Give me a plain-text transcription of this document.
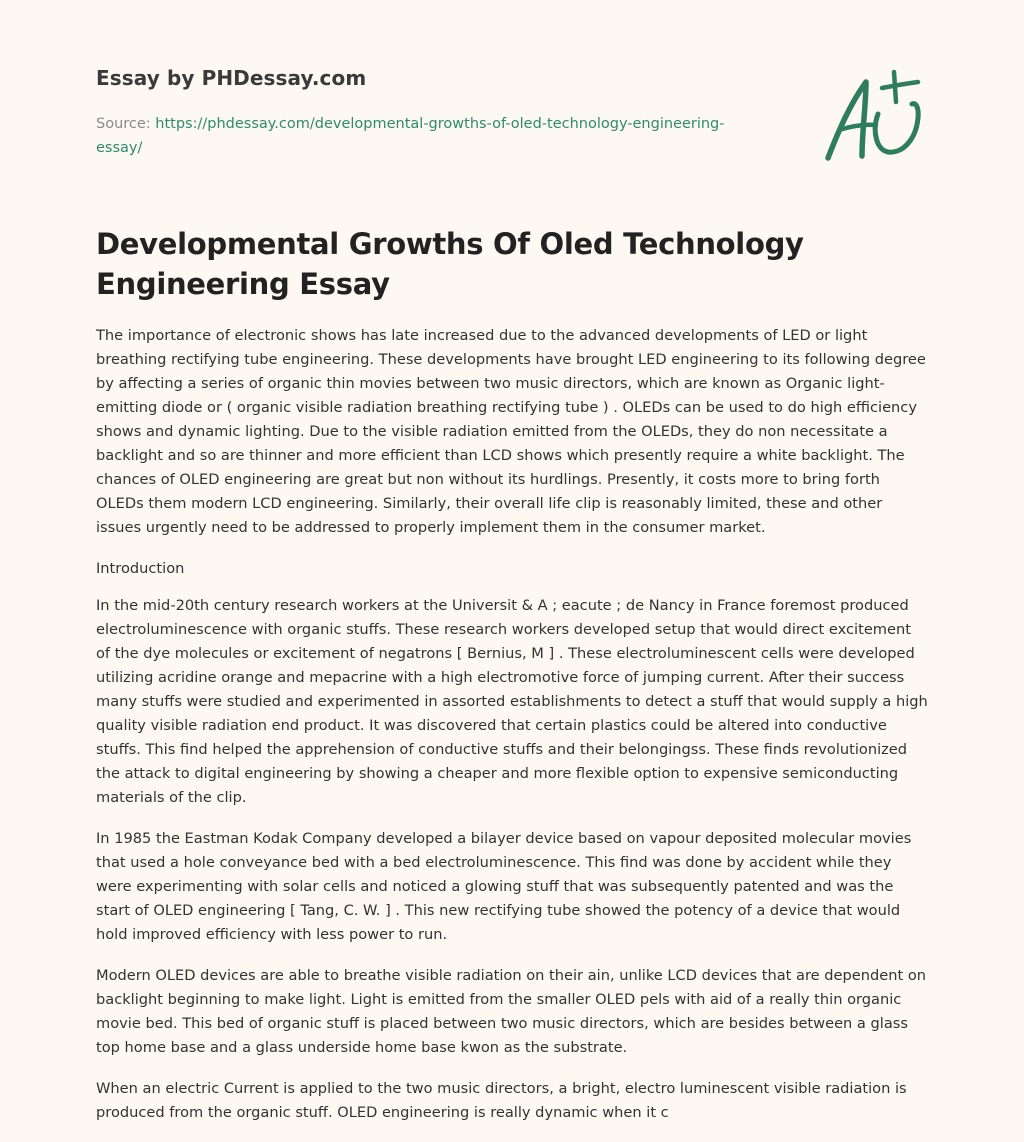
Essay by PHDessay.com

Source: https://phdessay.com/developmental-growths-of-oled-technology-engineering-essay/

Developmental Growths Of Oled Technology Engineering Essay

The importance of electronic shows has late increased due to the advanced developments of LED or light breathing rectifying tube engineering. These developments have brought LED engineering to its following degree by affecting a series of organic thin movies between two music directors, which are known as Organic light-emitting diode or ( organic visible radiation breathing rectifying tube ) . OLEDs can be used to do high efficiency shows and dynamic lighting. Due to the visible radiation emitted from the OLEDs, they do non necessitate a backlight and so are thinner and more efficient than LCD shows which presently require a white backlight. The chances of OLED engineering are great but non without its hurdlings. Presently, it costs more to bring forth OLEDs them modern LCD engineering. Similarly, their overall life clip is reasonably limited, these and other issues urgently need to be addressed to properly implement them in the consumer market.

Introduction

In the mid-20th century research workers at the Universit & A ; eacute ; de Nancy in France foremost produced electroluminescence with organic stuffs. These research workers developed setup that would direct excitement of the dye molecules or excitement of negatrons [ Bernius, M ] . These electroluminescent cells were developed utilizing acridine orange and mepacrine with a high electromotive force of jumping current. After their success many stuffs were studied and experimented in assorted establishments to detect a stuff that would supply a high quality visible radiation end product. It was discovered that certain plastics could be altered into conductive stuffs. This find helped the apprehension of conductive stuffs and their belongingss. These finds revolutionized the attack to digital engineering by showing a cheaper and more flexible option to expensive semiconducting materials of the clip.

In 1985 the Eastman Kodak Company developed a bilayer device based on vapour deposited molecular movies that used a hole conveyance bed with a bed electroluminescence. This find was done by accident while they were experimenting with solar cells and noticed a glowing stuff that was subsequently patented and was the start of OLED engineering [ Tang, C. W. ] . This new rectifying tube showed the potency of a device that would hold improved efficiency with less power to run.

Modern OLED devices are able to breathe visible radiation on their ain, unlike LCD devices that are dependent on backlight beginning to make light. Light is emitted from the smaller OLED pels with aid of a really thin organic movie bed. This bed of organic stuff is placed between two music directors, which are besides between a glass top home base and a glass underside home base kwon as the substrate.

When an electric Current is applied to the two music directors, a bright, electro luminescent visible radiation is produced from the organic stuff. OLED engineering is really dynamic when it c
